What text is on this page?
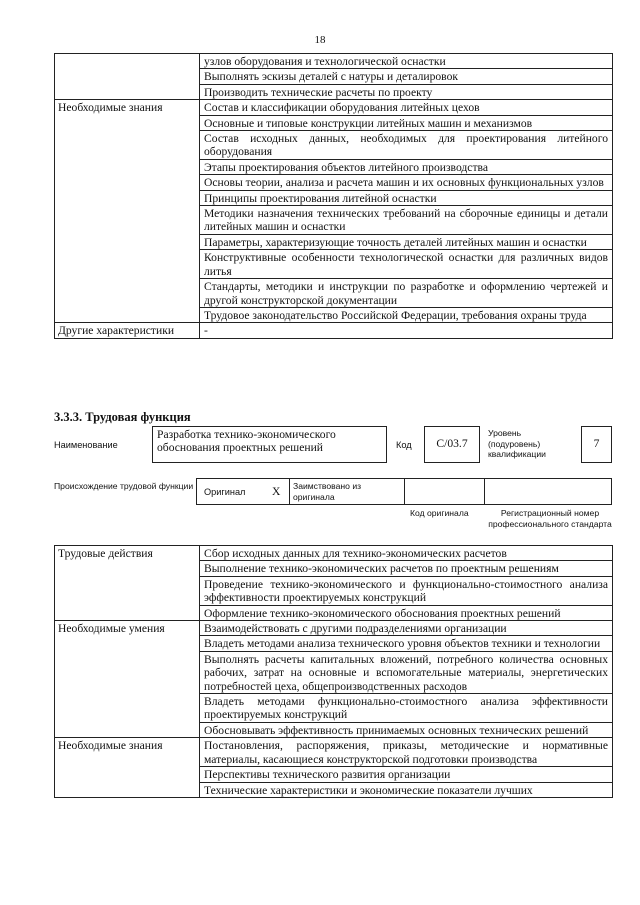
18
	узлов оборудования и технологической оснастки
	Выполнять эскизы деталей с натуры и деталировок
	Производить технические расчеты по проекту
Необходимые знания	Состав и классификации оборудования литейных цехов
	Основные и типовые конструкции литейных машин и механизмов
	Состав исходных данных, необходимых для проектирования литейного оборудования
	Этапы проектирования объектов литейного производства
	Основы теории, анализа и расчета машин и их основных функциональных узлов
	Принципы проектирования литейной оснастки
	Методики назначения технических требований на сборочные единицы и детали литейных машин и оснастки
	Параметры, характеризующие точность деталей литейных машин и оснастки
	Конструктивные особенности технологической оснастки для различных видов литья
	Стандарты, методики и инструкции по разработке и оформлению чертежей и другой конструкторской документации
	Трудовое законодательство Российской Федерации, требования охраны труда
Другие характеристики	-
3.3.3. Трудовая функция
Наименование
Разработка технико-экономического обоснования проектных решений	Код	C/03.7
Уровень (подуровень) квалификации
7
Происхождение трудовой функции
Оригинал X Заимствовано из оригинала
Код оригинала	Регистрационный номер профессионального стандарта
Трудовые действия	Сбор исходных данных для технико-экономических расчетов
	Выполнение технико-экономических расчетов по проектным решениям
	Проведение технико-экономического и функционально-стоимостного анализа эффективности проектируемых конструкций
	Оформление технико-экономического обоснования проектных решений
Необходимые умения	Взаимодействовать с другими подразделениями организации
	Владеть методами анализа технического уровня объектов техники и технологии
	Выполнять расчеты капитальных вложений, потребного количества основных рабочих, затрат на основные и вспомогательные материалы, энергетических потребностей цеха, общепроизводственных расходов
	Владеть методами функционально-стоимостного анализа эффективности проектируемых конструкций
	Обосновывать эффективность принимаемых основных технических решений
Необходимые знания	Постановления, распоряжения, приказы, методические и нормативные материалы, касающиеся конструкторской подготовки производства
	Перспективы технического развития организации
	Технические характеристики и экономические показатели лучших
